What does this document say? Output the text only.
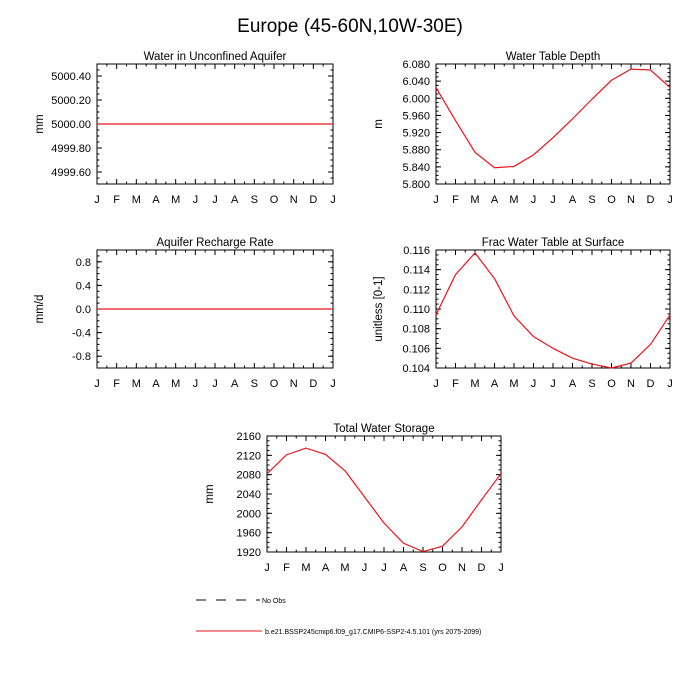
Europe (45-60N,10W-30E)
Water in Unconfined Aquifer
J F M A M J J A S O N D J
5000.40
5000.20
5000.00
4999.80
4999.60
mm
Water Table Depth
J F M A M J J A S O N D J
6.080
6.040
6.000
5.960
5.920
5.880
5.840
5.800
m
Aquifer Recharge Rate
J F M A M J J A S O N D J
0.8
0.4
0.0
-0.4
-0.8
mm/d
Frac Water Table at Surface
J F M A M J J A S O N D J
0.116
0.114
0.112
0.110
0.108
0.106
0.104
unitless [0-1]
Total Water Storage
J F M A M J J A S O N D J
2160
2120
2080
2040
2000
1960
1920
mm
No Obs
b.e21.BSSP245cmip6.f09_g17.CMIP6-SSP2-4.5.101 (yrs 2075-2099)
